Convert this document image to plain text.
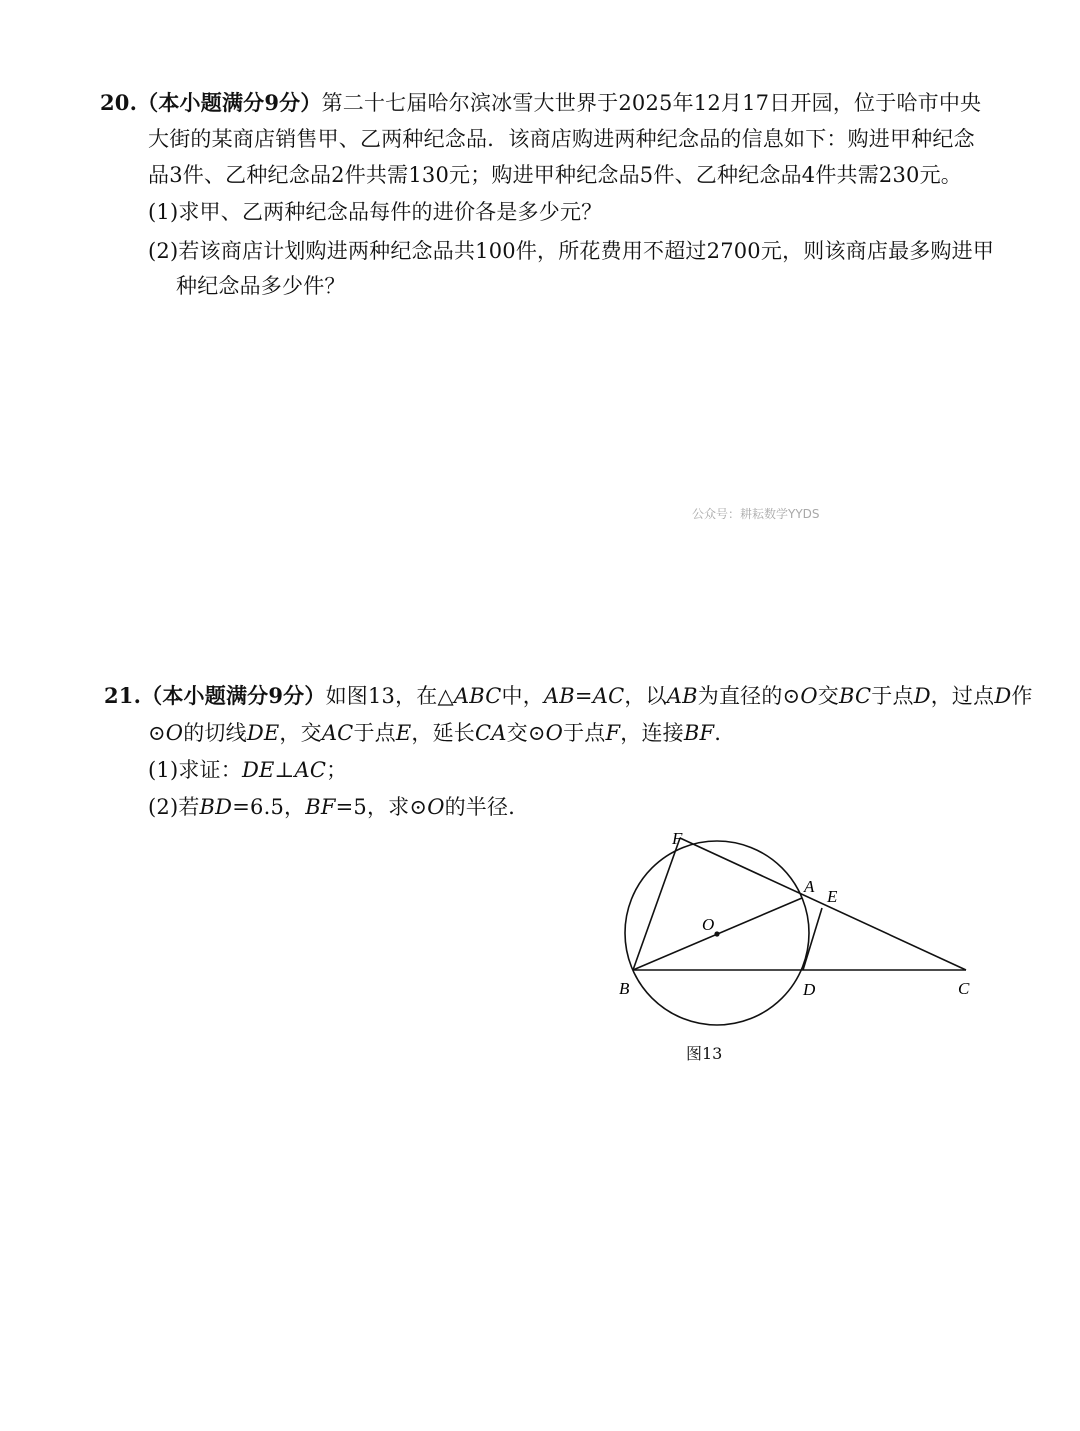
20.（本小题满分9分）第二十七届哈尔滨冰雪大世界于2025年12月17日开园，位于哈市中央
大街的某商店销售甲、乙两种纪念品．该商店购进两种纪念品的信息如下：购进甲种纪念
品3件、乙种纪念品2件共需130元；购进甲种纪念品5件、乙种纪念品4件共需230元。
(1)求甲、乙两种纪念品每件的进价各是多少元？
(2)若该商店计划购进两种纪念品共100件，所花费用不超过2700元，则该商店最多购进甲
种纪念品多少件？
公众号：耕耘数学YYDS
21.（本小题满分9分）如图13，在△ABC中，AB=AC，以AB为直径的⊙O交BC于点D，过点D作
⊙O的切线DE，交AC于点E，延长CA交⊙O于点F，连接BF.
(1)求证：DE⊥AC；
(2)若BD=6.5，BF=5，求⊙O的半径．
F
A
E
O
B	D	C
图13
